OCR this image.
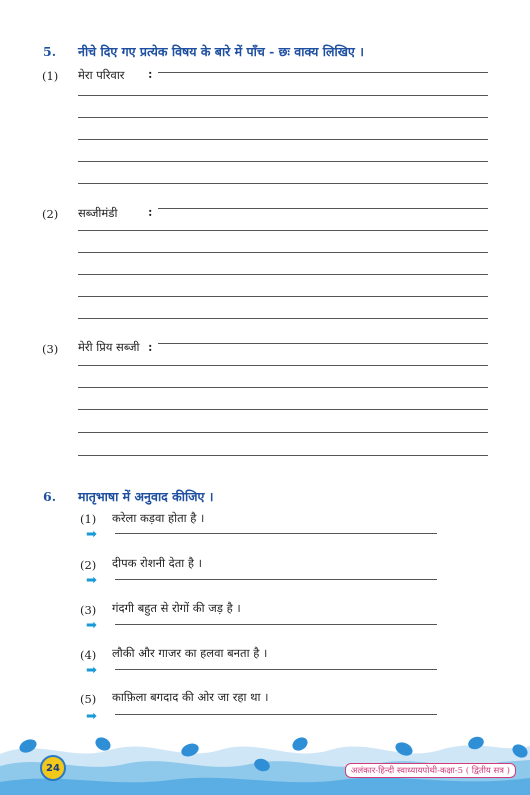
5. नीचे दिए गए प्रत्येक विषय के बारे में पाँच - छः वाक्य लिखिए ।
(1) मेरा परिवार :
(2) सब्जीमंडी	:
(3) मेरी प्रिय सब्जी :
6. मातृभाषा में अनुवाद कीजिए ।
(1) करेला कड़वा होता है ।
➡
(2) दीपक रोशनी देता है ।
➡
(3) गंदगी बहुत से रोगों की जड़ है ।
➡
(4) लौकी और गाजर का हलवा बनता है ।
➡
(5) काफ़िला बगदाद की ओर जा रहा था ।
➡
24	अलंकार-हिन्दी स्वाध्यायपोथी-कक्षा-5 ( द्वितीय सत्र )
